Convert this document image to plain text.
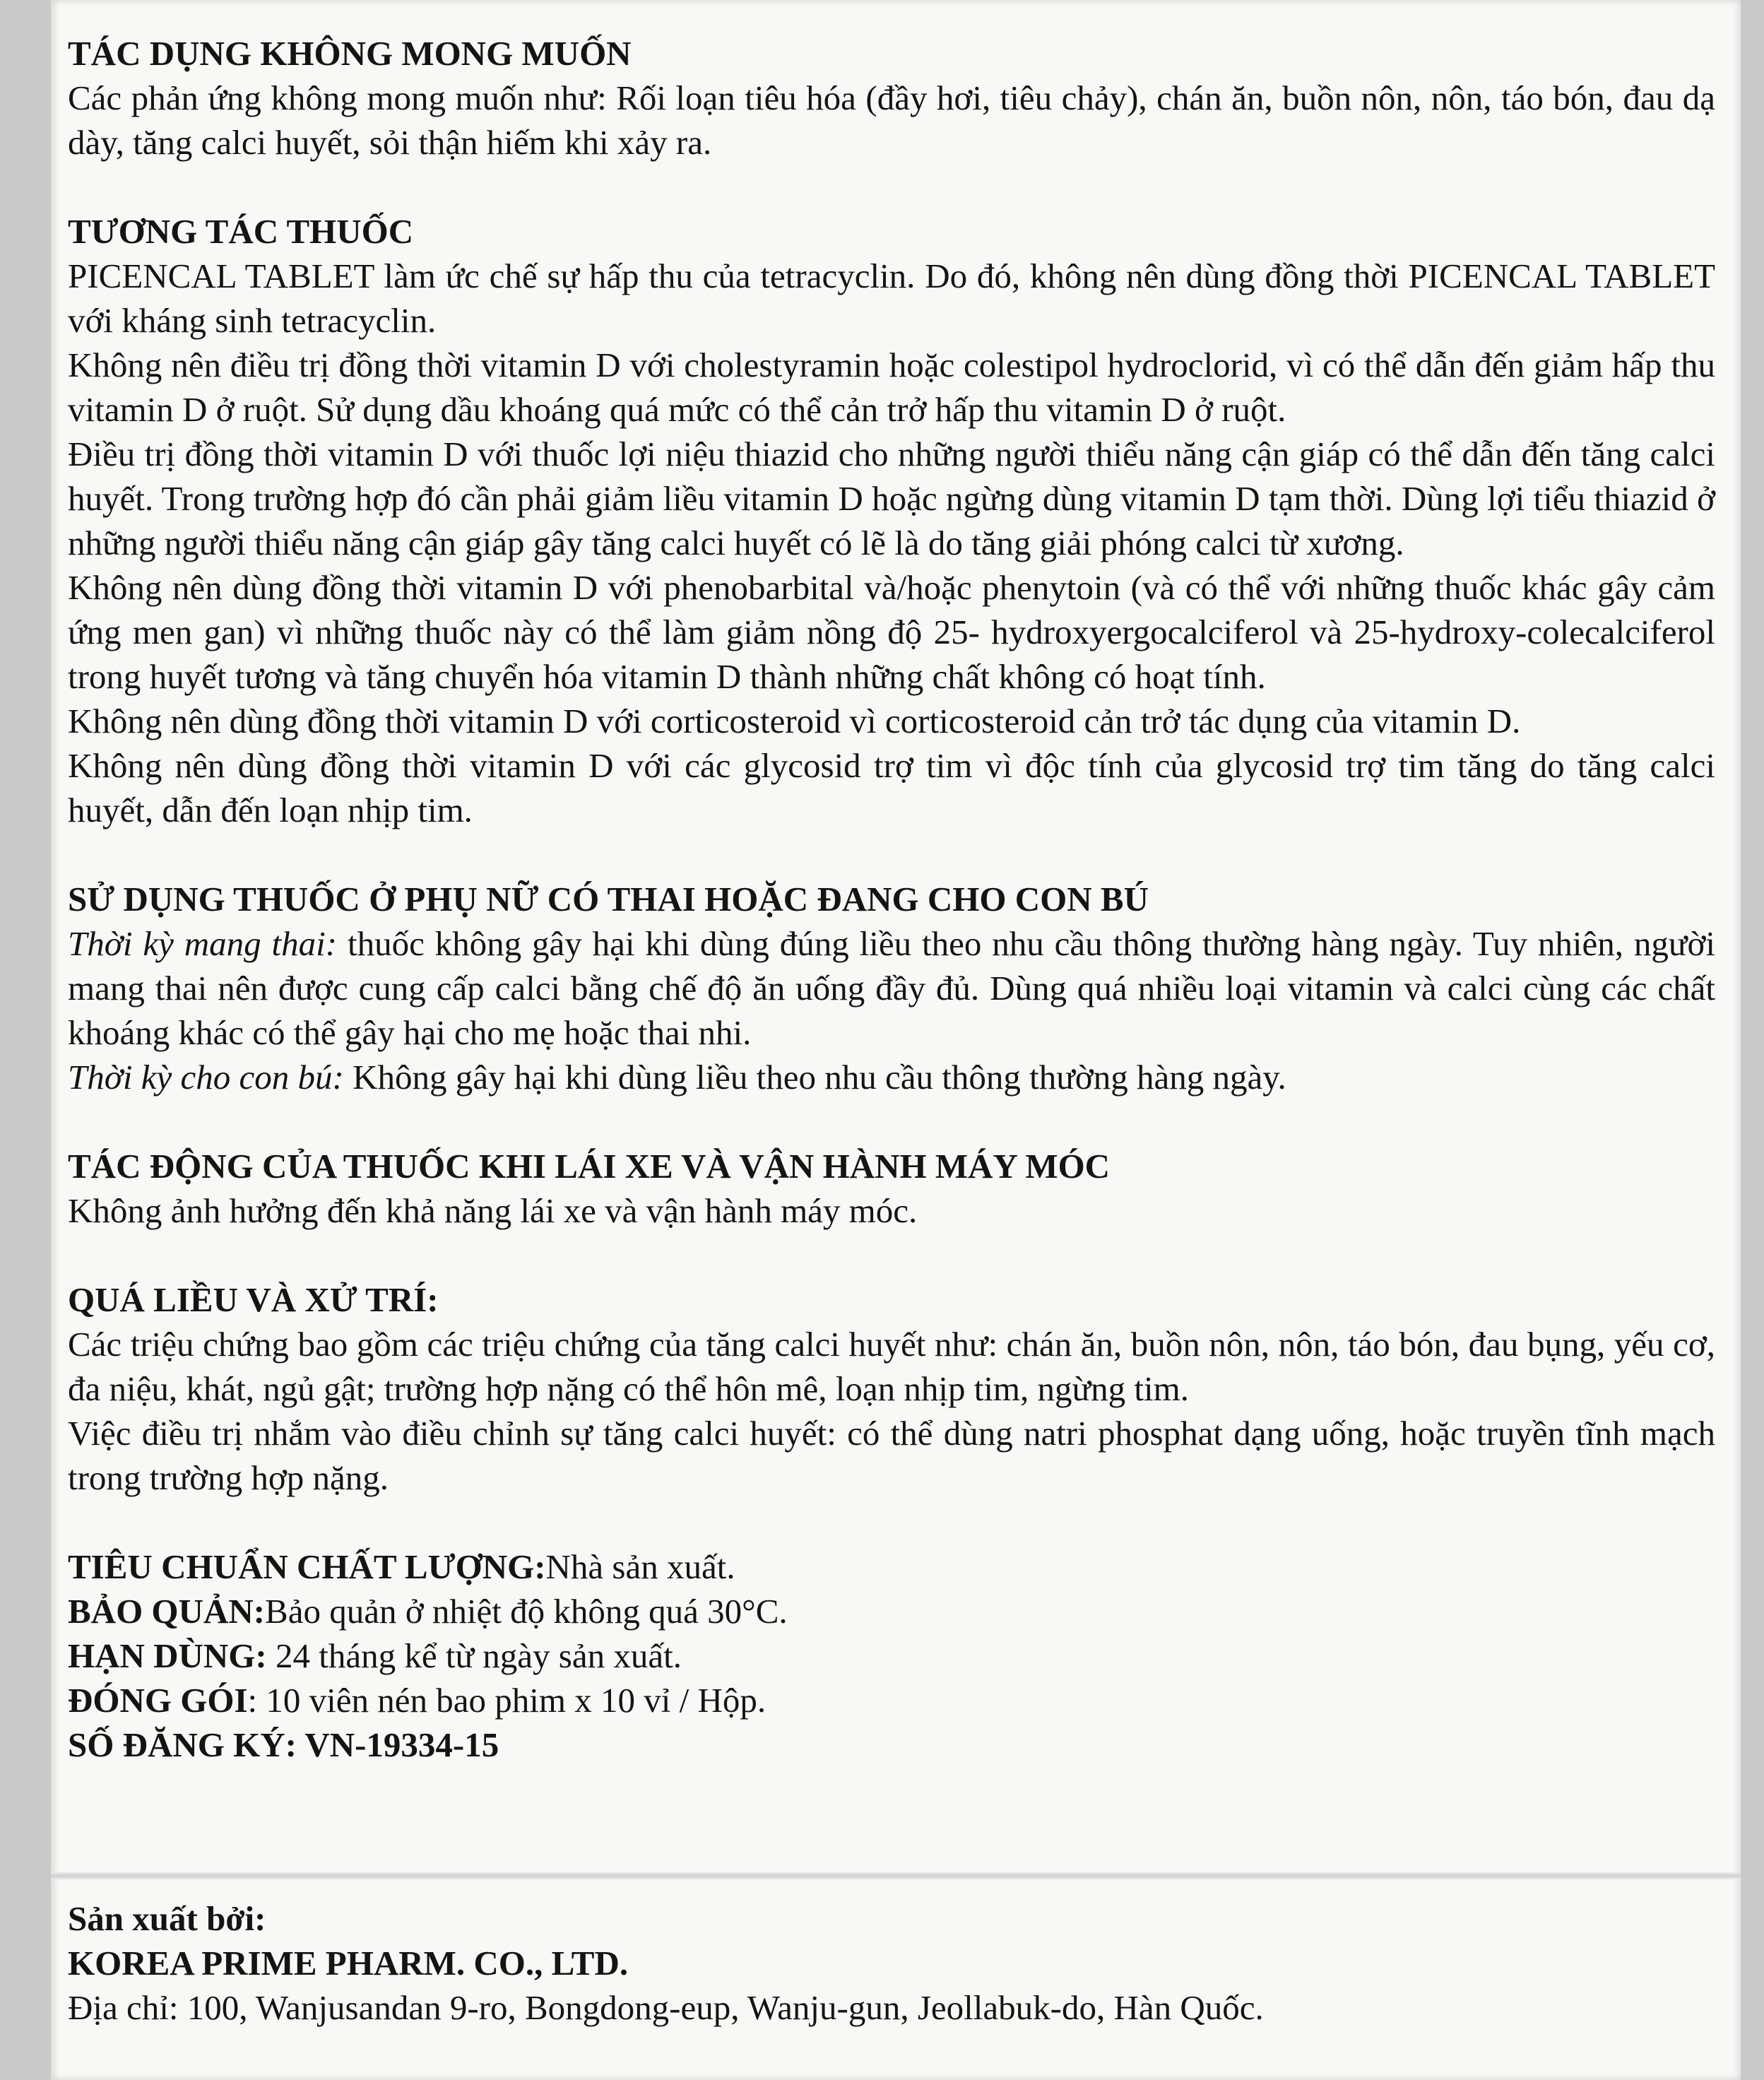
TÁC DỤNG KHÔNG MONG MUỐN

Các phản ứng không mong muốn như: Rối loạn tiêu hóa (đầy hơi, tiêu chảy), chán ăn, buồn nôn, nôn, táo bón, đau dạ dày, tăng calci huyết, sỏi thận hiếm khi xảy ra.

TƯƠNG TÁC THUỐC

PICENCAL TABLET làm ức chế sự hấp thu của tetracyclin. Do đó, không nên dùng đồng thời PICENCAL TABLET với kháng sinh tetracyclin.

Không nên điều trị đồng thời vitamin D với cholestyramin hoặc colestipol hydroclorid, vì có thể dẫn đến giảm hấp thu vitamin D ở ruột. Sử dụng dầu khoáng quá mức có thể cản trở hấp thu vitamin D ở ruột.

Điều trị đồng thời vitamin D với thuốc lợi niệu thiazid cho những người thiểu năng cận giáp có thể dẫn đến tăng calci huyết. Trong trường hợp đó cần phải giảm liều vitamin D hoặc ngừng dùng vitamin D tạm thời. Dùng lợi tiểu thiazid ở những người thiểu năng cận giáp gây tăng calci huyết có lẽ là do tăng giải phóng calci từ xương.

Không nên dùng đồng thời vitamin D với phenobarbital và/hoặc phenytoin (và có thể với những thuốc khác gây cảm ứng men gan) vì những thuốc này có thể làm giảm nồng độ 25- hydroxyergocalciferol và 25-hydroxy-colecalciferol trong huyết tương và tăng chuyển hóa vitamin D thành những chất không có hoạt tính.

Không nên dùng đồng thời vitamin D với corticosteroid vì corticosteroid cản trở tác dụng của vitamin D.

Không nên dùng đồng thời vitamin D với các glycosid trợ tim vì độc tính của glycosid trợ tim tăng do tăng calci huyết, dẫn đến loạn nhịp tim.

SỬ DỤNG THUỐC Ở PHỤ NỮ CÓ THAI HOẶC ĐANG CHO CON BÚ

Thời kỳ mang thai: thuốc không gây hại khi dùng đúng liều theo nhu cầu thông thường hàng ngày. Tuy nhiên, người mang thai nên được cung cấp calci bằng chế độ ăn uống đầy đủ. Dùng quá nhiều loại vitamin và calci cùng các chất khoáng khác có thể gây hại cho mẹ hoặc thai nhi.

Thời kỳ cho con bú: Không gây hại khi dùng liều theo nhu cầu thông thường hàng ngày.

TÁC ĐỘNG CỦA THUỐC KHI LÁI XE VÀ VẬN HÀNH MÁY MÓC

Không ảnh hưởng đến khả năng lái xe và vận hành máy móc.

QUÁ LIỀU VÀ XỬ TRÍ:

Các triệu chứng bao gồm các triệu chứng của tăng calci huyết như: chán ăn, buồn nôn, nôn, táo bón, đau bụng, yếu cơ, đa niệu, khát, ngủ gật; trường hợp nặng có thể hôn mê, loạn nhịp tim, ngừng tim.

Việc điều trị nhắm vào điều chỉnh sự tăng calci huyết: có thể dùng natri phosphat dạng uống, hoặc truyền tĩnh mạch trong trường hợp nặng.

TIÊU CHUẨN CHẤT LƯỢNG:Nhà sản xuất.
BẢO QUẢN:Bảo quản ở nhiệt độ không quá 30°C.
HẠN DÙNG: 24 tháng kể từ ngày sản xuất.
ĐÓNG GÓI: 10 viên nén bao phim x 10 vỉ / Hộp.
SỐ ĐĂNG KÝ: VN-19334-15
Sản xuất bởi:
KOREA PRIME PHARM. CO., LTD.
Địa chỉ: 100, Wanjusandan 9-ro, Bongdong-eup, Wanju-gun, Jeollabuk-do, Hàn Quốc.
